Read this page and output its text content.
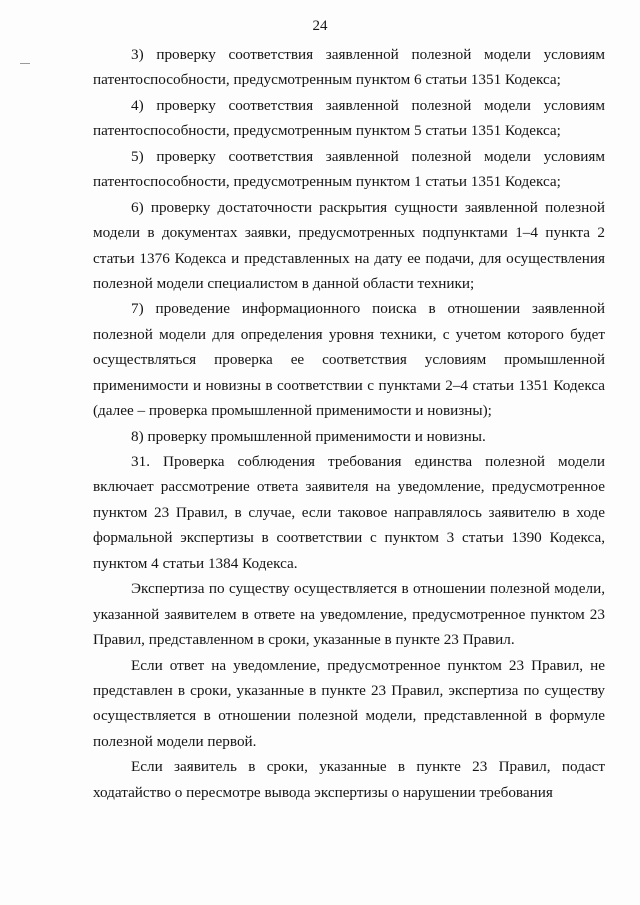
24

3) проверку соответствия заявленной полезной модели условиям патентоспособности, предусмотренным пунктом 6 статьи 1351 Кодекса;

4) проверку соответствия заявленной полезной модели условиям патентоспособности, предусмотренным пунктом 5 статьи 1351 Кодекса;

5) проверку соответствия заявленной полезной модели условиям патентоспособности, предусмотренным пунктом 1 статьи 1351 Кодекса;

6) проверку достаточности раскрытия сущности заявленной полезной модели в документах заявки, предусмотренных подпунктами 1–4 пункта 2 статьи 1376 Кодекса и представленных на дату ее подачи, для осуществления полезной модели специалистом в данной области техники;

7) проведение информационного поиска в отношении заявленной полезной модели для определения уровня техники, с учетом которого будет осуществляться проверка ее соответствия условиям промышленной применимости и новизны в соответствии с пунктами 2–4 статьи 1351 Кодекса (далее – проверка промышленной применимости и новизны);

8) проверку промышленной применимости и новизны.

31. Проверка соблюдения требования единства полезной модели включает рассмотрение ответа заявителя на уведомление, предусмотренное пунктом 23 Правил, в случае, если таковое направлялось заявителю в ходе формальной экспертизы в соответствии с пунктом 3 статьи 1390 Кодекса, пунктом 4 статьи 1384 Кодекса.

Экспертиза по существу осуществляется в отношении полезной модели, указанной заявителем в ответе на уведомление, предусмотренное пунктом 23 Правил, представленном в сроки, указанные в пункте 23 Правил.

Если ответ на уведомление, предусмотренное пунктом 23 Правил, не представлен в сроки, указанные в пункте 23 Правил, экспертиза по существу осуществляется в отношении полезной модели, представленной в формуле полезной модели первой.

Если заявитель в сроки, указанные в пункте 23 Правил, подаст ходатайство о пересмотре вывода экспертизы о нарушении требования
